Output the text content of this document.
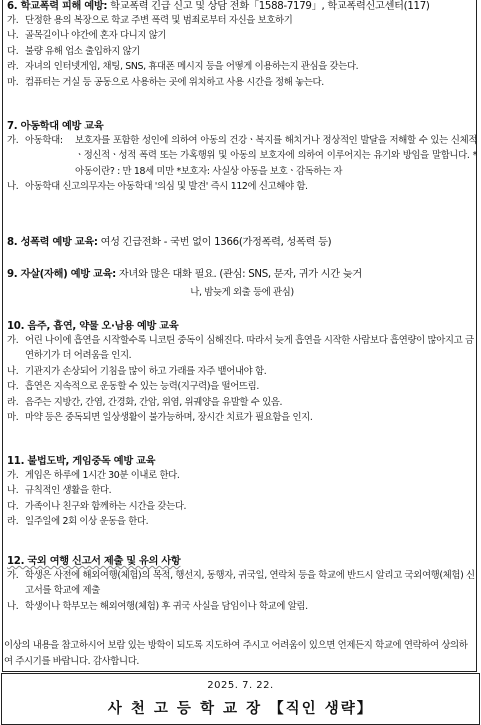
6. 학교폭력 피해 예방: 학교폭력 긴급 신고 및 상담 전화「1588-7179」, 학교폭력신고센터(117)
가. 단정한 용의 복장으로 학교 주변 폭력 및 범죄로부터 자신을 보호하기
나. 골목길이나 야간에 혼자 다니지 않기
다. 불량 유해 업소 출입하지 않기
라. 자녀의 인터넷게임, 채팅, SNS, 휴대폰 메시지 등을 어떻게 이용하는지 관심을 갖는다.
마. 컴퓨터는 거실 등 공동으로 사용하는 곳에 위치하고 사용 시간을 정해 놓는다.
7. 아동학대 예방 교육
가. 아동학대: 보호자를 포함한 성인에 의하여 아동의 건강ㆍ복지를 해치거나 정상적인 발달을 저해할 수 있는 신체적ㆍ정신적ㆍ성적 폭력 또는 가혹행위 및 아동의 보호자에 의하여 이루어지는 유기와 방임을 말합니다. *아동이란? : 만 18세 미만 *보호자: 사실상 아동을 보호ㆍ감독하는 자
나. 아동학대 신고의무자는 아동학대 '의심 및 발견' 즉시 112에 신고해야 함.
8. 성폭력 예방 교육: 여성 긴급전화 - 국번 없이 1366(가정폭력, 성폭력 등)
9. 자살(자해) 예방 교육: 자녀와 많은 대화 필요. (관심: SNS, 문자, 귀가 시간 늦거
나, 밤늦게 외출 등에 관심)
10. 음주, 흡연, 약물 오·남용 예방 교육
가. 어린 나이에 흡연을 시작할수록 니코틴 중독이 심해진다. 따라서 늦게 흡연을 시작한 사람보다 흡연량이 많아지고 금연하기가 더 어려움을 인지.
나. 기관지가 손상되어 기침을 많이 하고 가래를 자주 뱉어내야 함.
다. 흡연은 지속적으로 운동할 수 있는 능력(지구력)을 떨어뜨림.
라. 음주는 지방간, 간염, 간경화, 간암, 위염, 위궤양을 유발할 수 있음.
마. 마약 등은 중독되면 일상생활이 불가능하며, 장시간 치료가 필요함을 인지.
11. 불법도박, 게임중독 예방 교육
가. 게임은 하루에 1시간 30분 이내로 한다.
나. 규칙적인 생활을 한다.
다. 가족이나 친구와 함께하는 시간을 갖는다.
라. 일주일에 2회 이상 운동을 한다.
12. 국외 여행 신고서 제출 및 유의 사항
가. 학생은 사전에 해외여행(체험)의 목적, 행선지, 동행자, 귀국일, 연락처 등을 학교에 반드시 알리고 국외여행(체험) 신고서를 학교에 제출
나. 학생이나 학부모는 해외여행(체험) 후 귀국 사실을 담임이나 학교에 알림.
이상의 내용을 참고하시어 보람 있는 방학이 되도록 지도하여 주시고 어려움이 있으면 언제든지 학교에 연락하여 상의하여 주시기를 바랍니다. 감사합니다.
2025. 7. 22.
사 천 고 등 학 교 장 【직인 생략】
